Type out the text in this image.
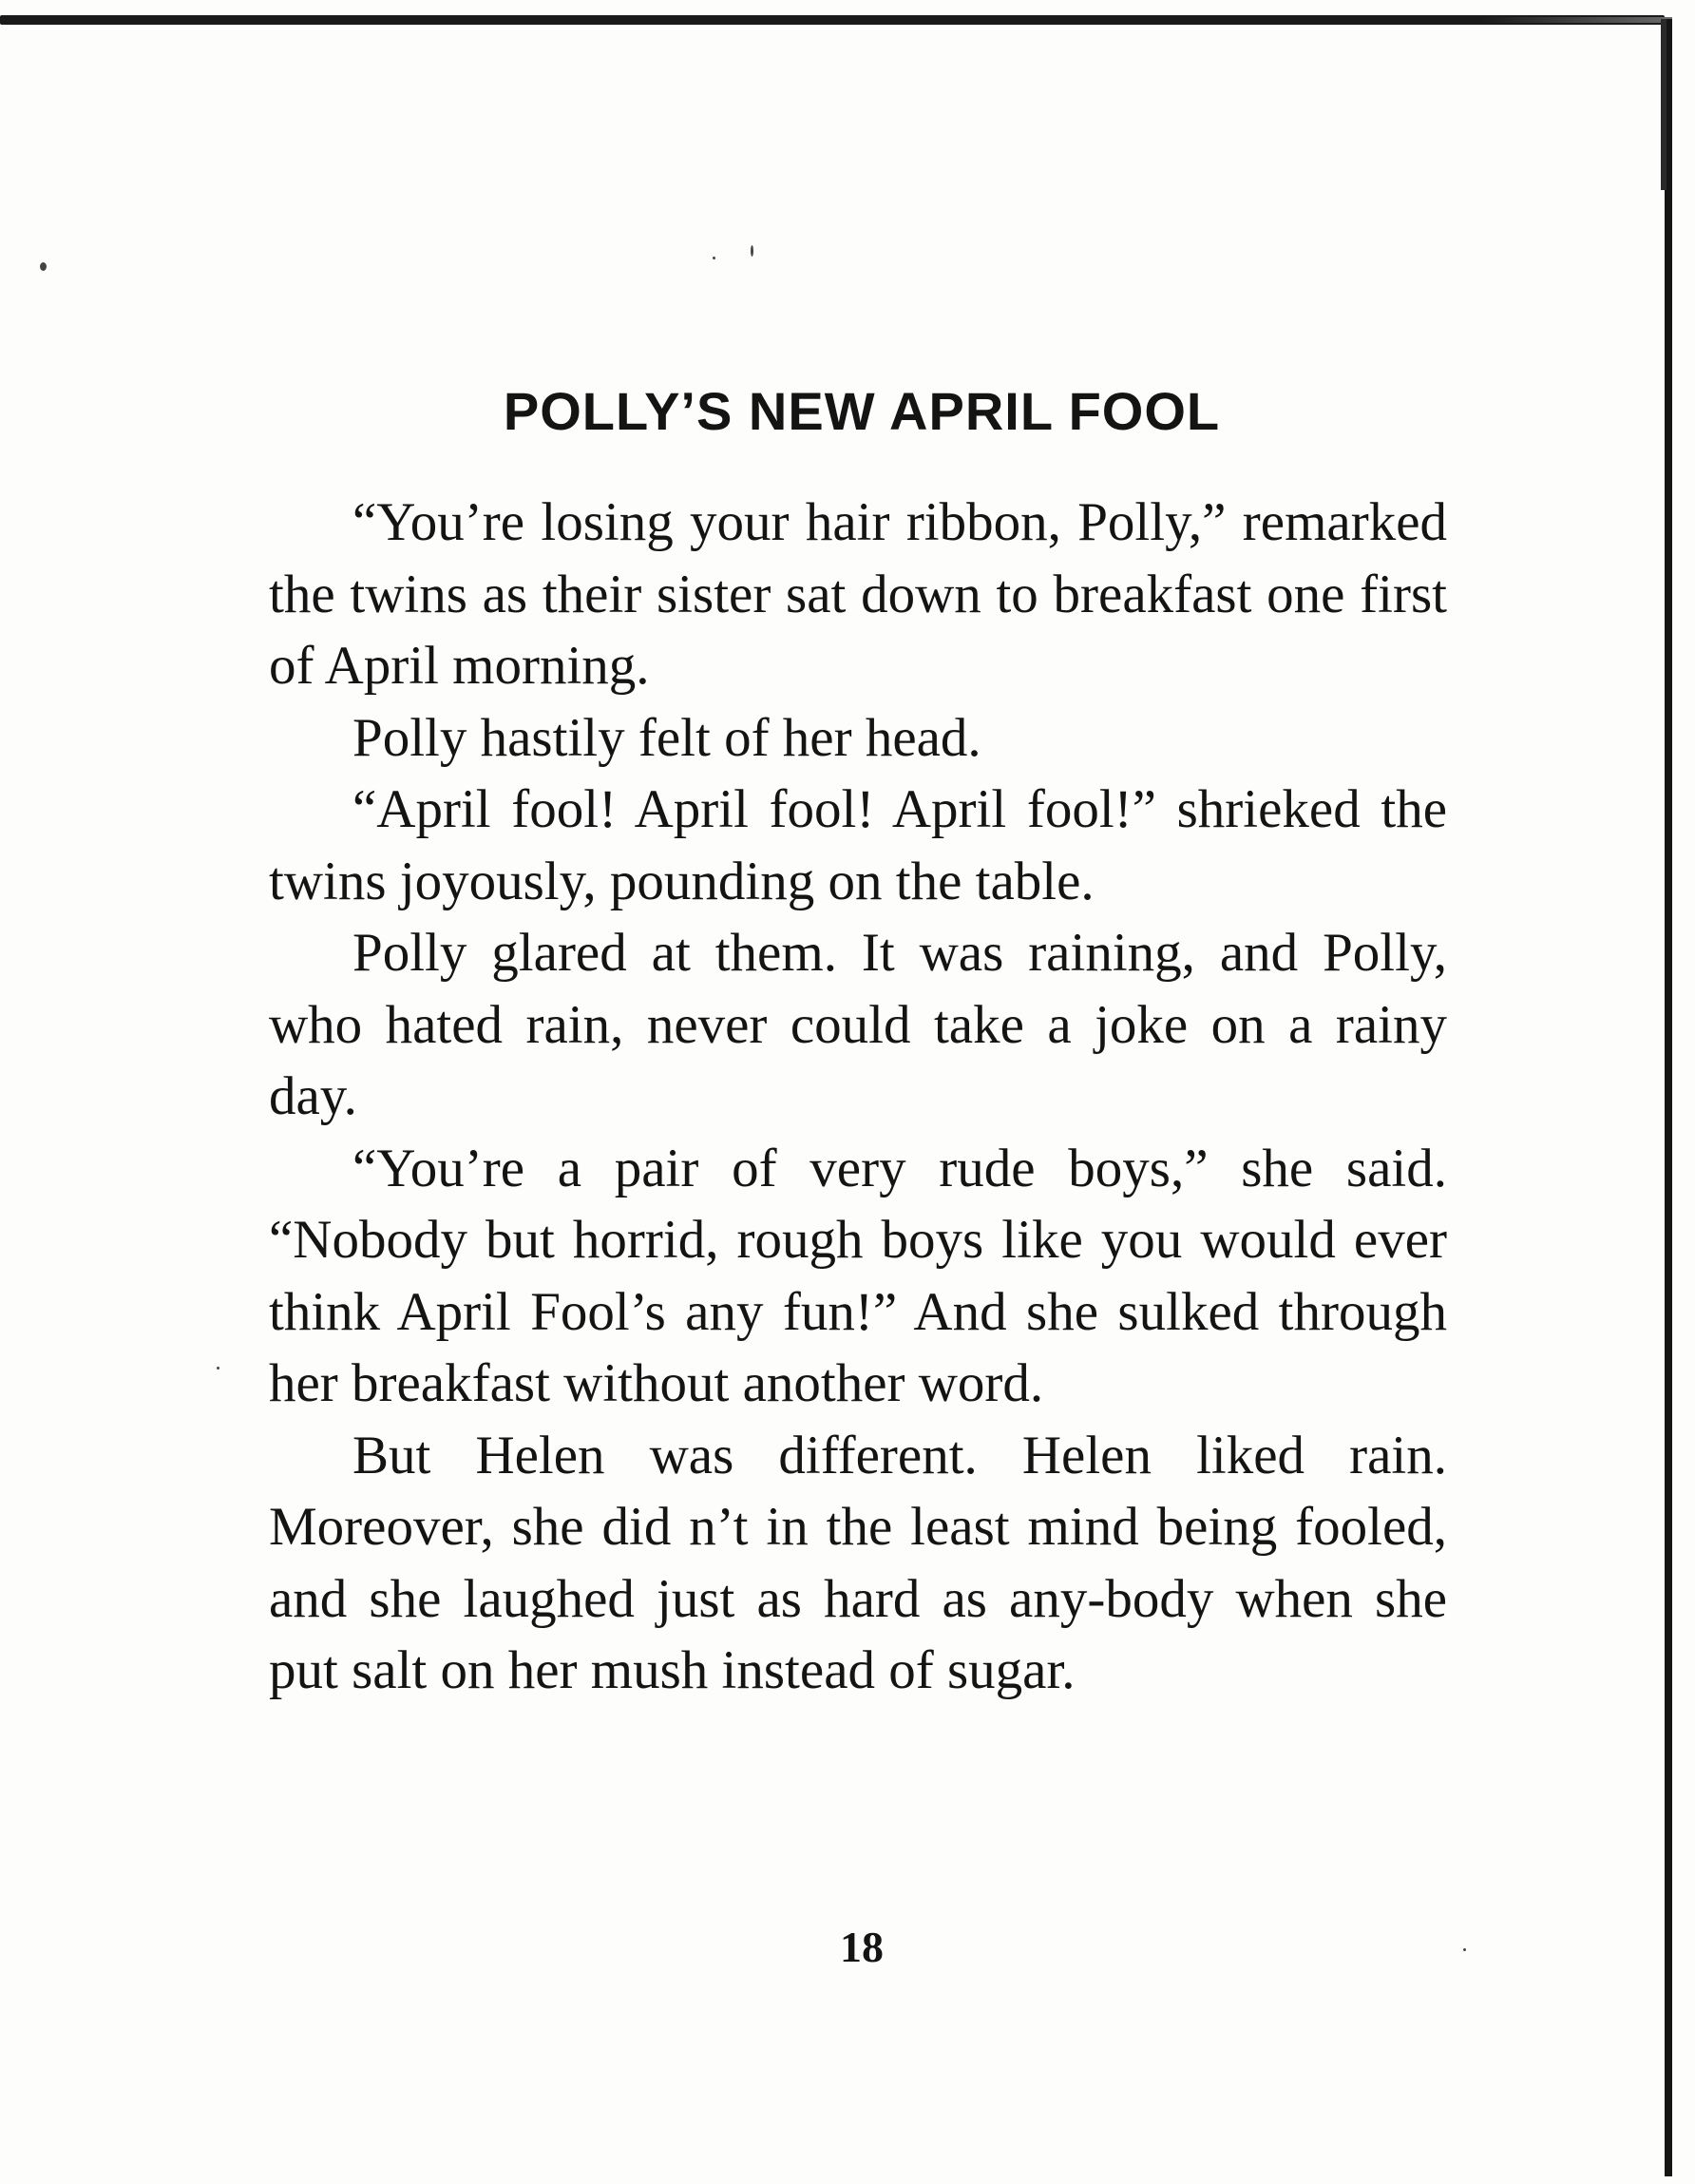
POLLY’S NEW APRIL FOOL

“You’re losing your hair ribbon, Polly,” remarked the twins as their sister sat down to breakfast one first of April morning.

Polly hastily felt of her head.

“April fool! April fool! April fool!” shrieked the twins joyously, pounding on the table.

Polly glared at them. It was raining, and Polly, who hated rain, never could take a joke on a rainy day.

“You’re a pair of very rude boys,” she said. “Nobody but horrid, rough boys like you would ever think April Fool’s any fun!” And she sulked through her breakfast without another word.

But Helen was different. Helen liked rain. Moreover, she did n’t in the least mind being fooled, and she laughed just as hard as any-body when she put salt on her mush instead of sugar.

18
